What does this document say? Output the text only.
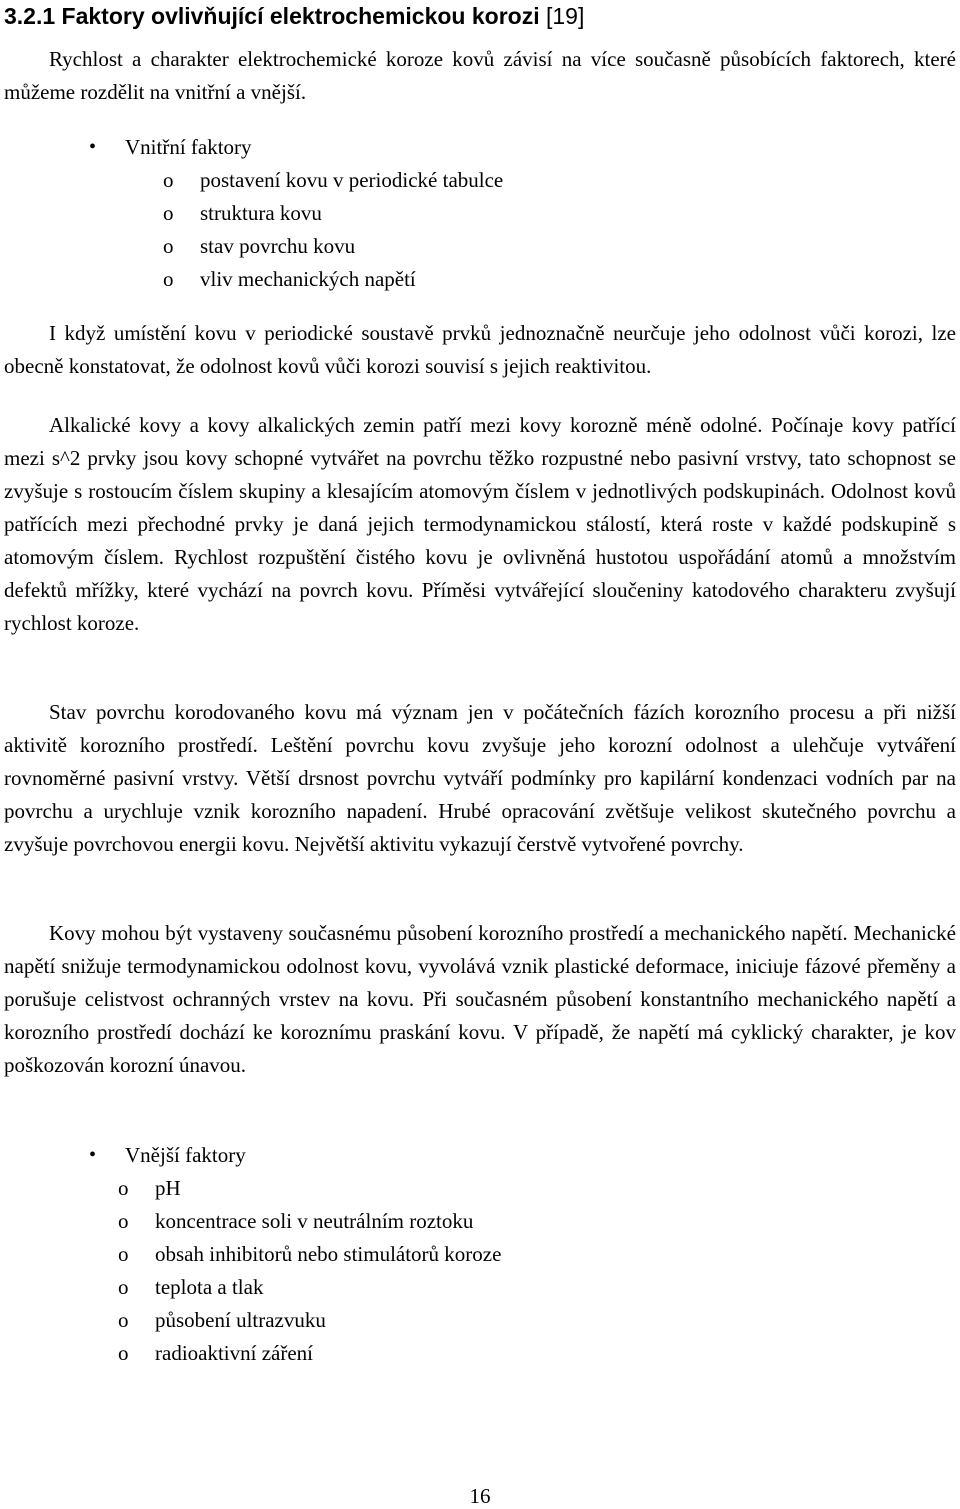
3.2.1 Faktory ovlivňující elektrochemickou korozi [19]

Rychlost a charakter elektrochemické koroze kovů závisí na více současně působících faktorech, které můžeme rozdělit na vnitřní a vnější.

• Vnitřní faktory
o postavení kovu v periodické tabulce
o struktura kovu
o stav povrchu kovu
o vliv mechanických napětí

I když umístění kovu v periodické soustavě prvků jednoznačně neurčuje jeho odolnost vůči korozi, lze obecně konstatovat, že odolnost kovů vůči korozi souvisí s jejich reaktivitou.

Alkalické kovy a kovy alkalických zemin patří mezi kovy korozně méně odolné. Počínaje kovy patřící mezi s^2 prvky jsou kovy schopné vytvářet na povrchu těžko rozpustné nebo pasivní vrstvy, tato schopnost se zvyšuje s rostoucím číslem skupiny a klesajícím atomovým číslem v jednotlivých podskupinách. Odolnost kovů patřících mezi přechodné prvky je daná jejich termodynamickou stálostí, která roste v každé podskupině s atomovým číslem. Rychlost rozpuštění čistého kovu je ovlivněná hustotou uspořádání atomů a množstvím defektů mřížky, které vychází na povrch kovu. Příměsi vytvářející sloučeniny katodového charakteru zvyšují rychlost koroze.

Stav povrchu korodovaného kovu má význam jen v počátečních fázích korozního procesu a při nižší aktivitě korozního prostředí. Leštění povrchu kovu zvyšuje jeho korozní odolnost a ulehčuje vytváření rovnoměrné pasivní vrstvy. Větší drsnost povrchu vytváří podmínky pro kapilární kondenzaci vodních par na povrchu a urychluje vznik korozního napadení. Hrubé opracování zvětšuje velikost skutečného povrchu a zvyšuje povrchovou energii kovu. Největší aktivitu vykazují čerstvě vytvořené povrchy.

Kovy mohou být vystaveny současnému působení korozního prostředí a mechanického napětí. Mechanické napětí snižuje termodynamickou odolnost kovu, vyvolává vznik plastické deformace, iniciuje fázové přeměny a porušuje celistvost ochranných vrstev na kovu. Při současném působení konstantního mechanického napětí a korozního prostředí dochází ke koroznímu praskání kovu. V případě, že napětí má cyklický charakter, je kov poškozován korozní únavou.

• Vnější faktory
o pH
o koncentrace soli v neutrálním roztoku
o obsah inhibitorů nebo stimulátorů koroze
o teplota a tlak
o působení ultrazvuku
o radioaktivní záření

16
